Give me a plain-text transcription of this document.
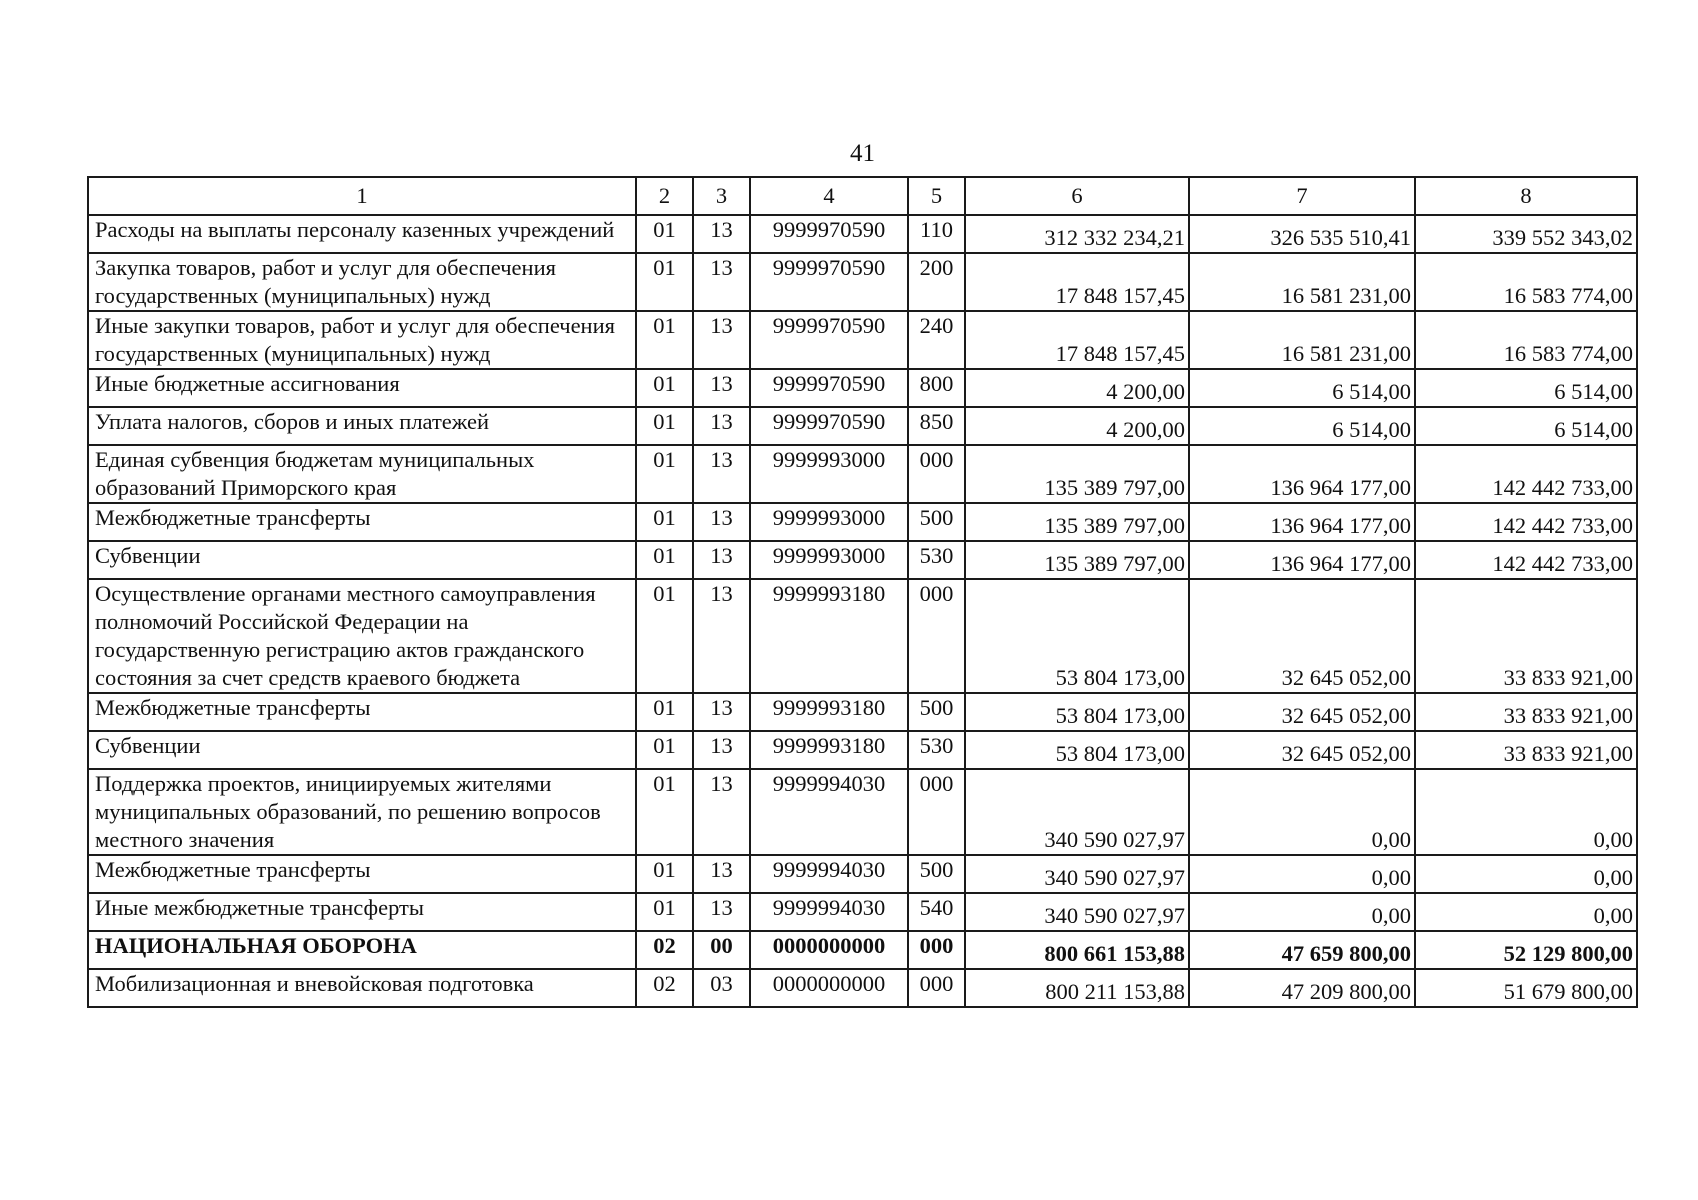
41
1	2	3	4	5	6	7	8
Расходы на выплаты персоналу казенных учреждений	01	13	9999970590	110	312 332 234,21	326 535 510,41	339 552 343,02
Закупка товаров, работ и услуг для обеспечения государственных (муниципальных) нужд	01	13	9999970590	200	17 848 157,45	16 581 231,00	16 583 774,00
Иные закупки товаров, работ и услуг для обеспечения государственных (муниципальных) нужд	01	13	9999970590	240	17 848 157,45	16 581 231,00	16 583 774,00
Иные бюджетные ассигнования	01	13	9999970590	800	4 200,00	6 514,00	6 514,00
Уплата налогов, сборов и иных платежей	01	13	9999970590	850	4 200,00	6 514,00	6 514,00
Единая субвенция бюджетам муниципальных образований Приморского края	01	13	9999993000	000	135 389 797,00	136 964 177,00	142 442 733,00
Межбюджетные трансферты	01	13	9999993000	500	135 389 797,00	136 964 177,00	142 442 733,00
Субвенции	01	13	9999993000	530	135 389 797,00	136 964 177,00	142 442 733,00
Осуществление органами местного самоуправления полномочий Российской Федерации на государственную регистрацию актов гражданского состояния за счет средств краевого бюджета	01	13	9999993180	000	53 804 173,00	32 645 052,00	33 833 921,00
Межбюджетные трансферты	01	13	9999993180	500	53 804 173,00	32 645 052,00	33 833 921,00
Субвенции	01	13	9999993180	530	53 804 173,00	32 645 052,00	33 833 921,00
Поддержка проектов, инициируемых жителями муниципальных образований, по решению вопросов местного значения	01	13	9999994030	000	340 590 027,97	0,00	0,00
Межбюджетные трансферты	01	13	9999994030	500	340 590 027,97	0,00	0,00
Иные межбюджетные трансферты	01	13	9999994030	540	340 590 027,97	0,00	0,00
НАЦИОНАЛЬНАЯ ОБОРОНА	02	00	0000000000	000	800 661 153,88	47 659 800,00	52 129 800,00
Мобилизационная и вневойсковая подготовка	02	03	0000000000	000	800 211 153,88	47 209 800,00	51 679 800,00
